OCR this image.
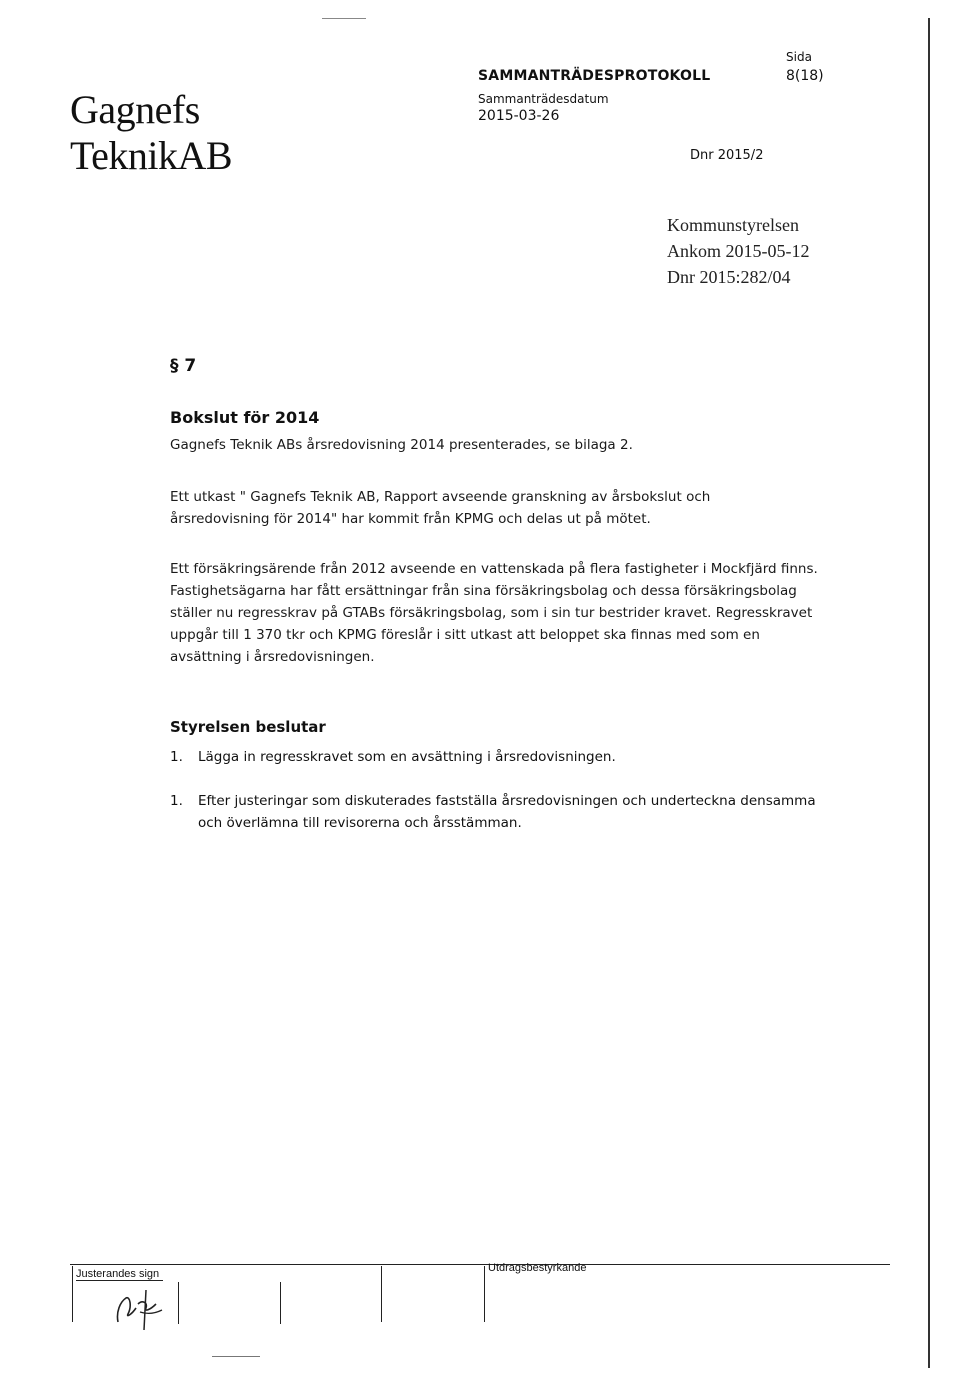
Gagnefs
TeknikAB
SAMMANTRÄDESPROTOKOLL
Sammanträdesdatum
2015-03-26
Sida
8(18)
Dnr 2015/2
Kommunstyrelsen
Ankom 2015-05-12
Dnr 2015:282/04
§ 7
Bokslut för 2014
Gagnefs Teknik ABs årsredovisning 2014 presenterades, se bilaga 2.
Ett utkast " Gagnefs Teknik AB, Rapport avseende granskning av årsbokslut och årsredovisning för 2014" har kommit från KPMG och delas ut på mötet.
Ett försäkringsärende från 2012 avseende en vattenskada på flera fastigheter i Mockfjärd finns. Fastighetsägarna har fått ersättningar från sina försäkringsbolag och dessa försäkringsbolag ställer nu regresskrav på GTABs försäkringsbolag, som i sin tur bestrider kravet. Regresskravet uppgår till 1 370 tkr och KPMG föreslår i sitt utkast att beloppet ska finnas med som en avsättning i årsredovisningen.
Styrelsen beslutar
1. Lägga in regresskravet som en avsättning i årsredovisningen.
1. Efter justeringar som diskuterades fastställa årsredovisningen och underteckna densamma och överlämna till revisorerna och årsstämman.
Justerandes sign	Utdragsbestyrkande
